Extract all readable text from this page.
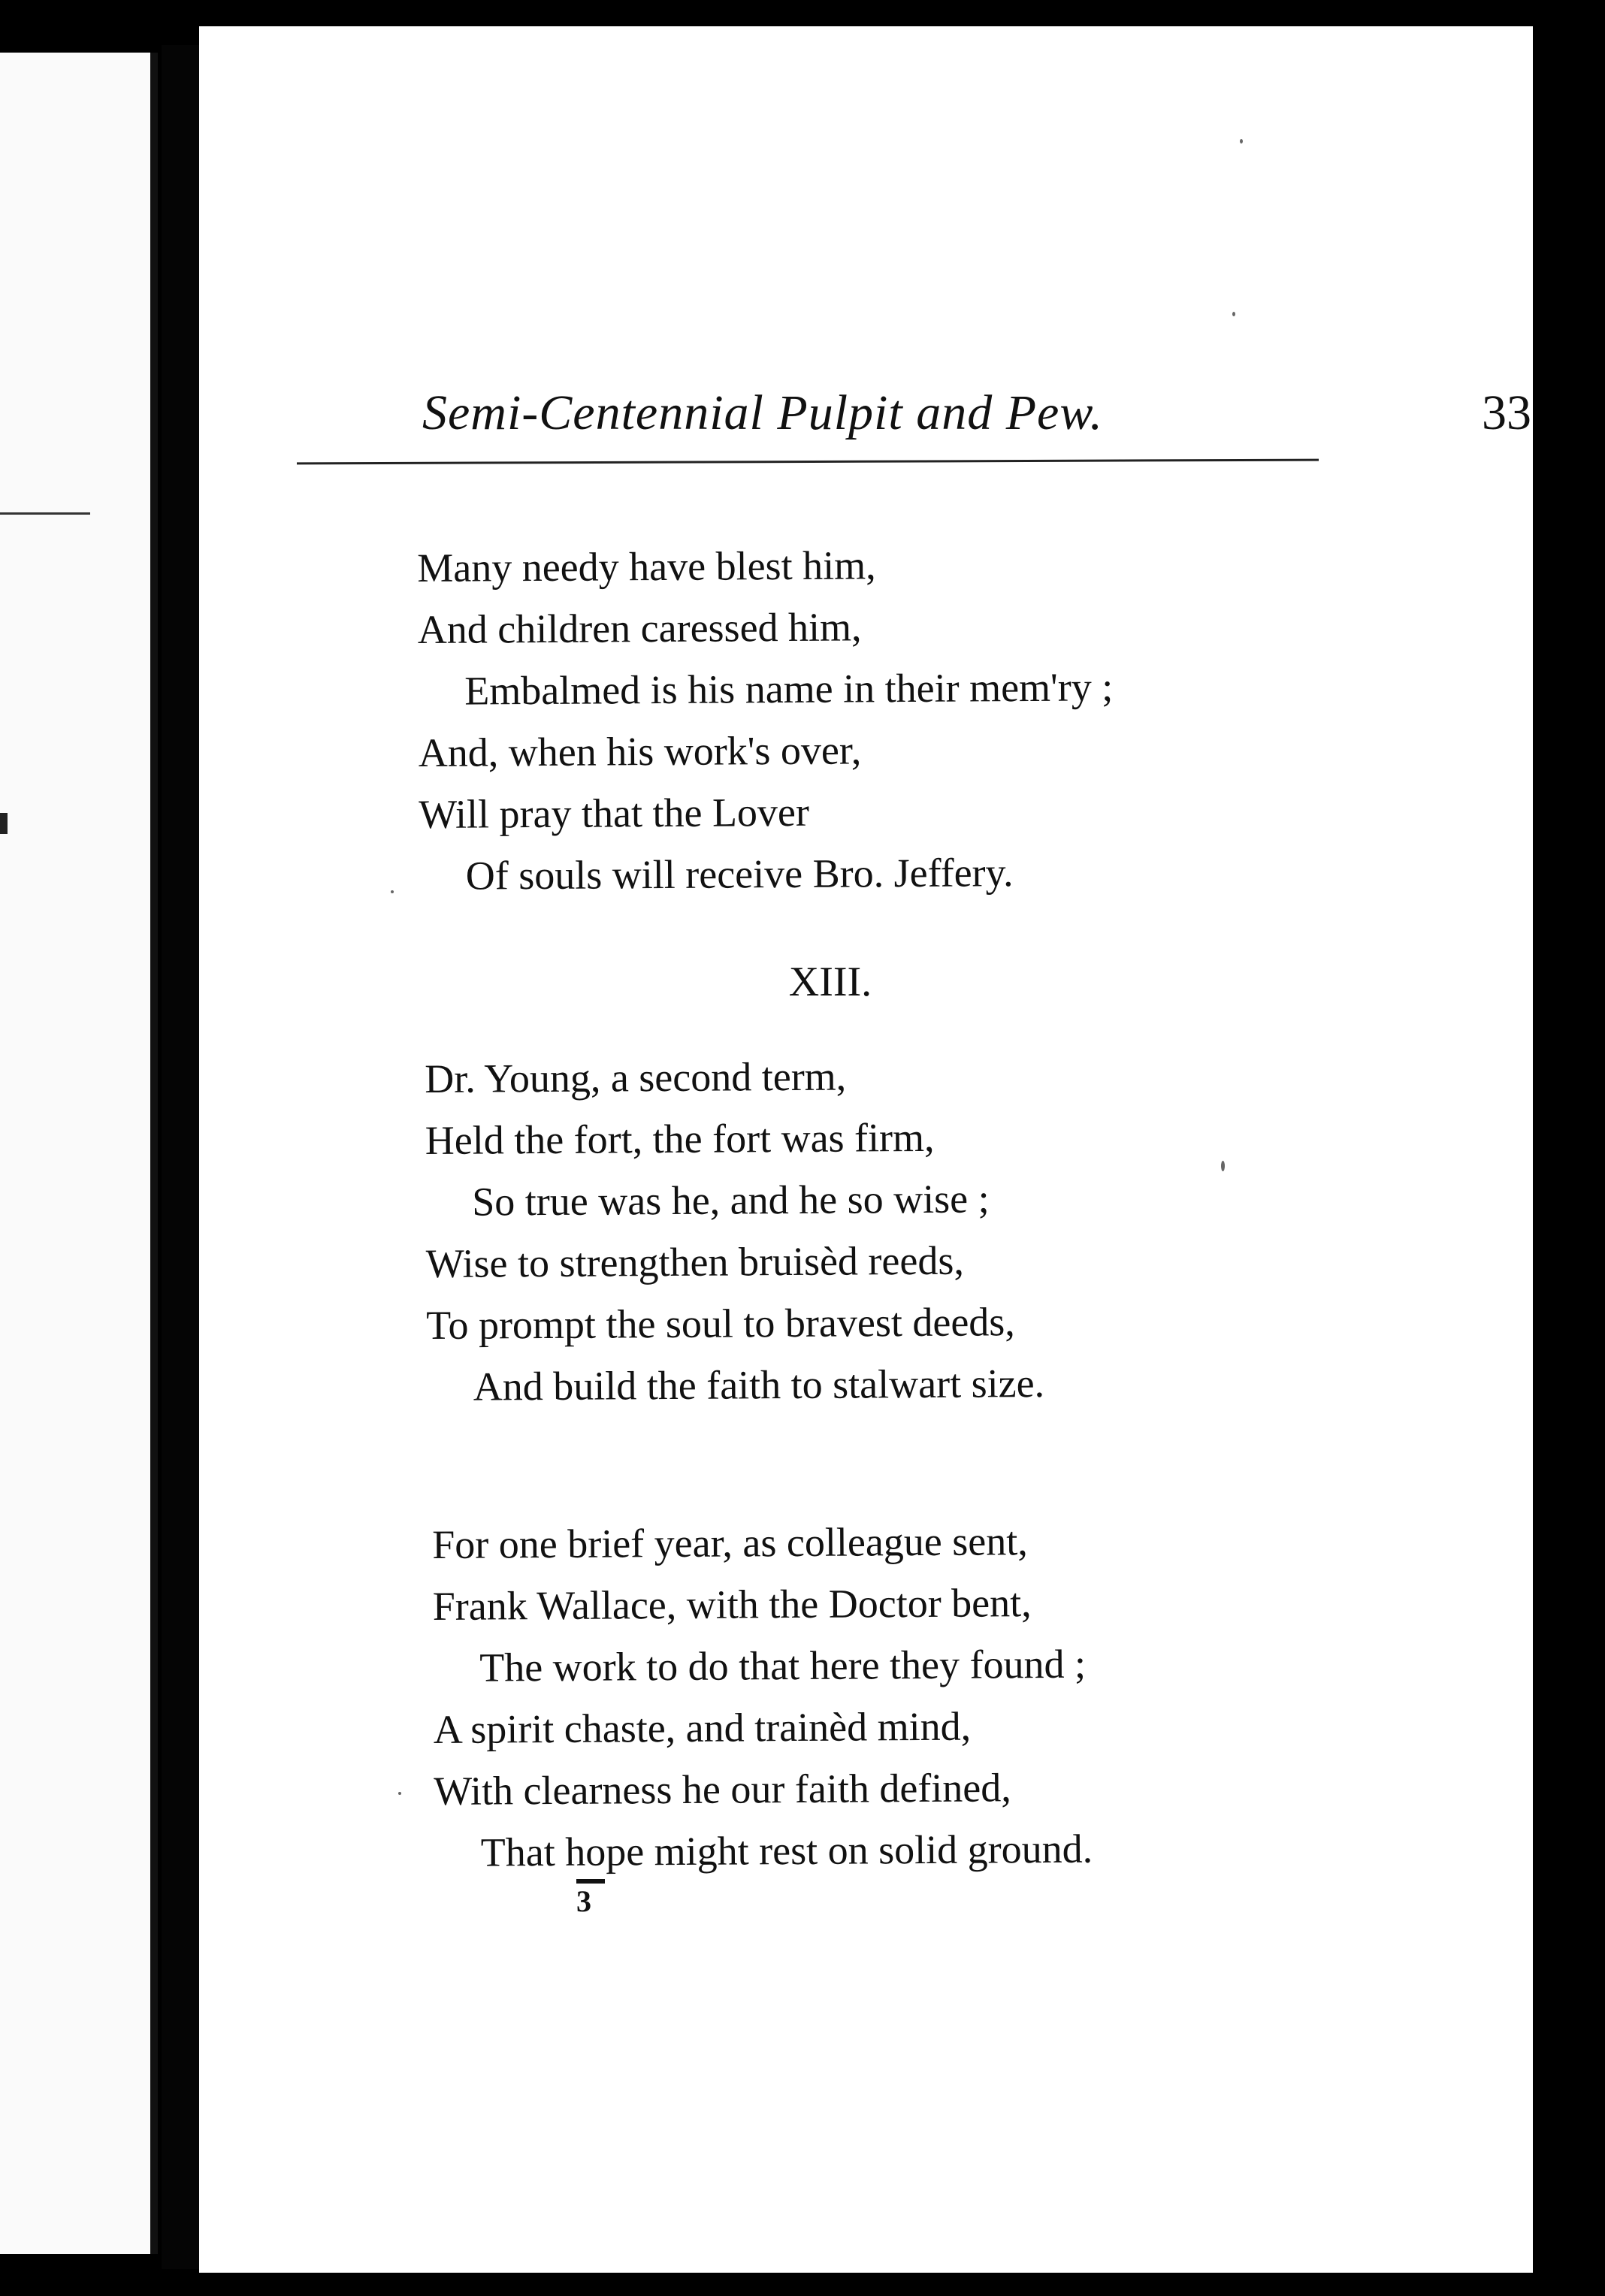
Semi-Centennial Pulpit and Pew.	33
Many needy have blest him,
And children caressed him,
Embalmed is his name in their mem'ry ;
And, when his work's over,
Will pray that the Lover
Of souls will receive Bro. Jeffery.
XIII.
Dr. Young, a second term,
Held the fort, the fort was firm,
So true was he, and he so wise ;
Wise to strengthen bruisèd reeds,
To prompt the soul to bravest deeds,
And build the faith to stalwart size.
For one brief year, as colleague sent,
Frank Wallace, with the Doctor bent,
The work to do that here they found ;
A spirit chaste, and trainèd mind,
With clearness he our faith defined,
That hope might rest on solid ground.
3
